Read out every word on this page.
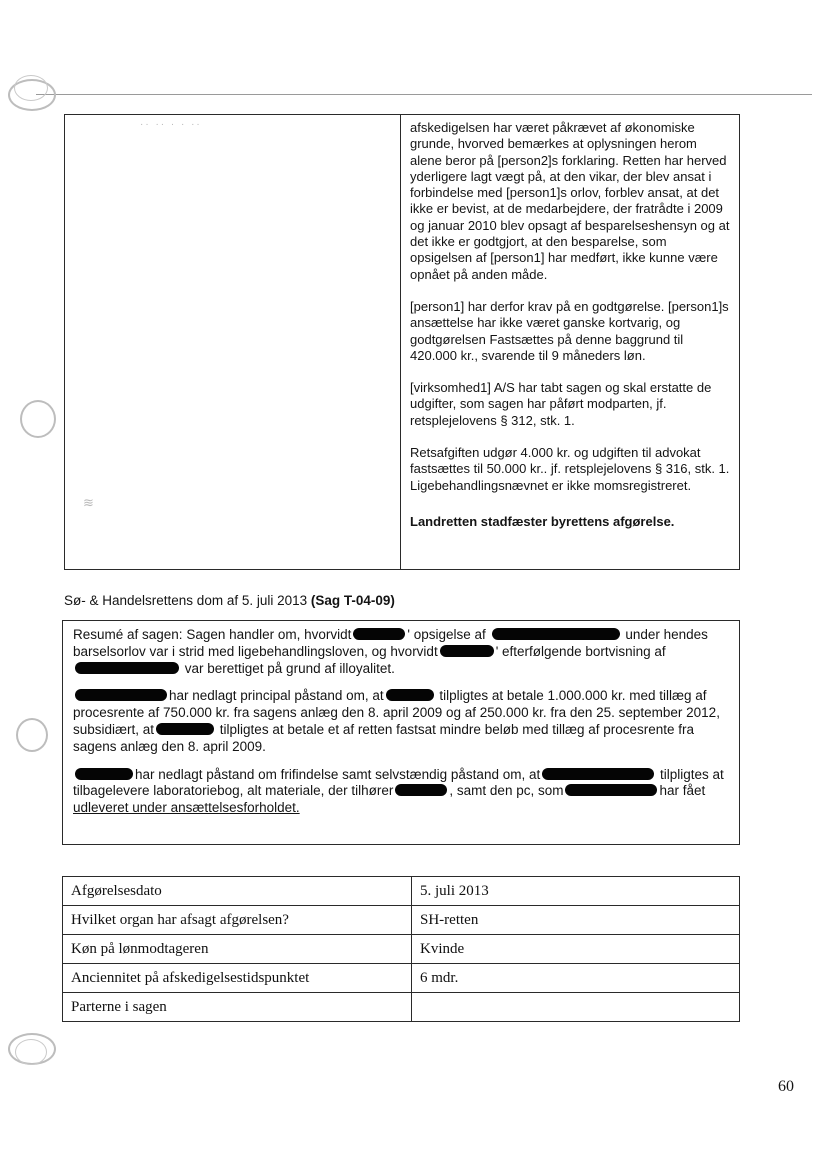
·· ·· · · ··
≋

afskedigelsen har været påkrævet af økonomiske grunde, hvorved bemærkes at oplysningen herom alene beror på [person2]s forklaring. Retten har herved yderligere lagt vægt på, at den vikar, der blev ansat i forbindelse med [person1]s orlov, forblev ansat, at det ikke er bevist, at de medarbejdere, der fratrådte i 2009 og januar 2010 blev opsagt af besparelseshensyn og at det ikke er godtgjort, at den besparelse, som opsigelsen af [person1] har medført, ikke kunne være opnået på anden måde.

[person1] har derfor krav på en godtgørelse. [person1]s ansættelse har ikke været ganske kortvarig, og godtgørelsen Fastsættes på denne baggrund til 420.000 kr., svarende til 9 måneders løn.

[virksomhed1] A/S har tabt sagen og skal erstatte de udgifter, som sagen har påført modparten, jf. retsplejelovens § 312, stk. 1.

Retsafgiften udgør 4.000 kr. og udgiften til advokat fastsættes til 50.000 kr.. jf. retsplejelovens § 316, stk. 1. Ligebehandlingsnævnet er ikke momsregistreret.

Landretten stadfæster byrettens afgørelse.

Sø- & Handelsrettens dom af 5. juli 2013 (Sag T-04-09)

Resumé af sagen: Sagen handler om, hvorvidt	' opsigelse af	under hendes barselsorlov var i strid med ligebehandlingsloven, og hvorvidt	' efterfølgende bortvisning af  var berettiget på grund af illoyalitet.

har nedlagt principal påstand om, at	tilpligtes at betale 1.000.000 kr. med tillæg af procesrente af 750.000 kr. fra sagens anlæg den 8. april 2009 og af 250.000 kr. fra den 25. september 2012, subsidiært, at	tilpligtes at betale et af retten fastsat mindre beløb med tillæg af procesrente fra sagens anlæg den 8. april 2009.

har nedlagt påstand om frifindelse samt selvstændig påstand om, at	tilpligtes at tilbagelevere laboratoriebog, alt materiale, der tilhører	, samt den pc, som	har fået udleveret under ansættelsesforholdet.

Afgørelsesdato	5. juli 2013
Hvilket organ har afsagt afgørelsen?	SH-retten
Køn på lønmodtageren	Kvinde
Anciennitet på afskedigelsestidspunktet	6 mdr.
Parterne i sagen	
60
